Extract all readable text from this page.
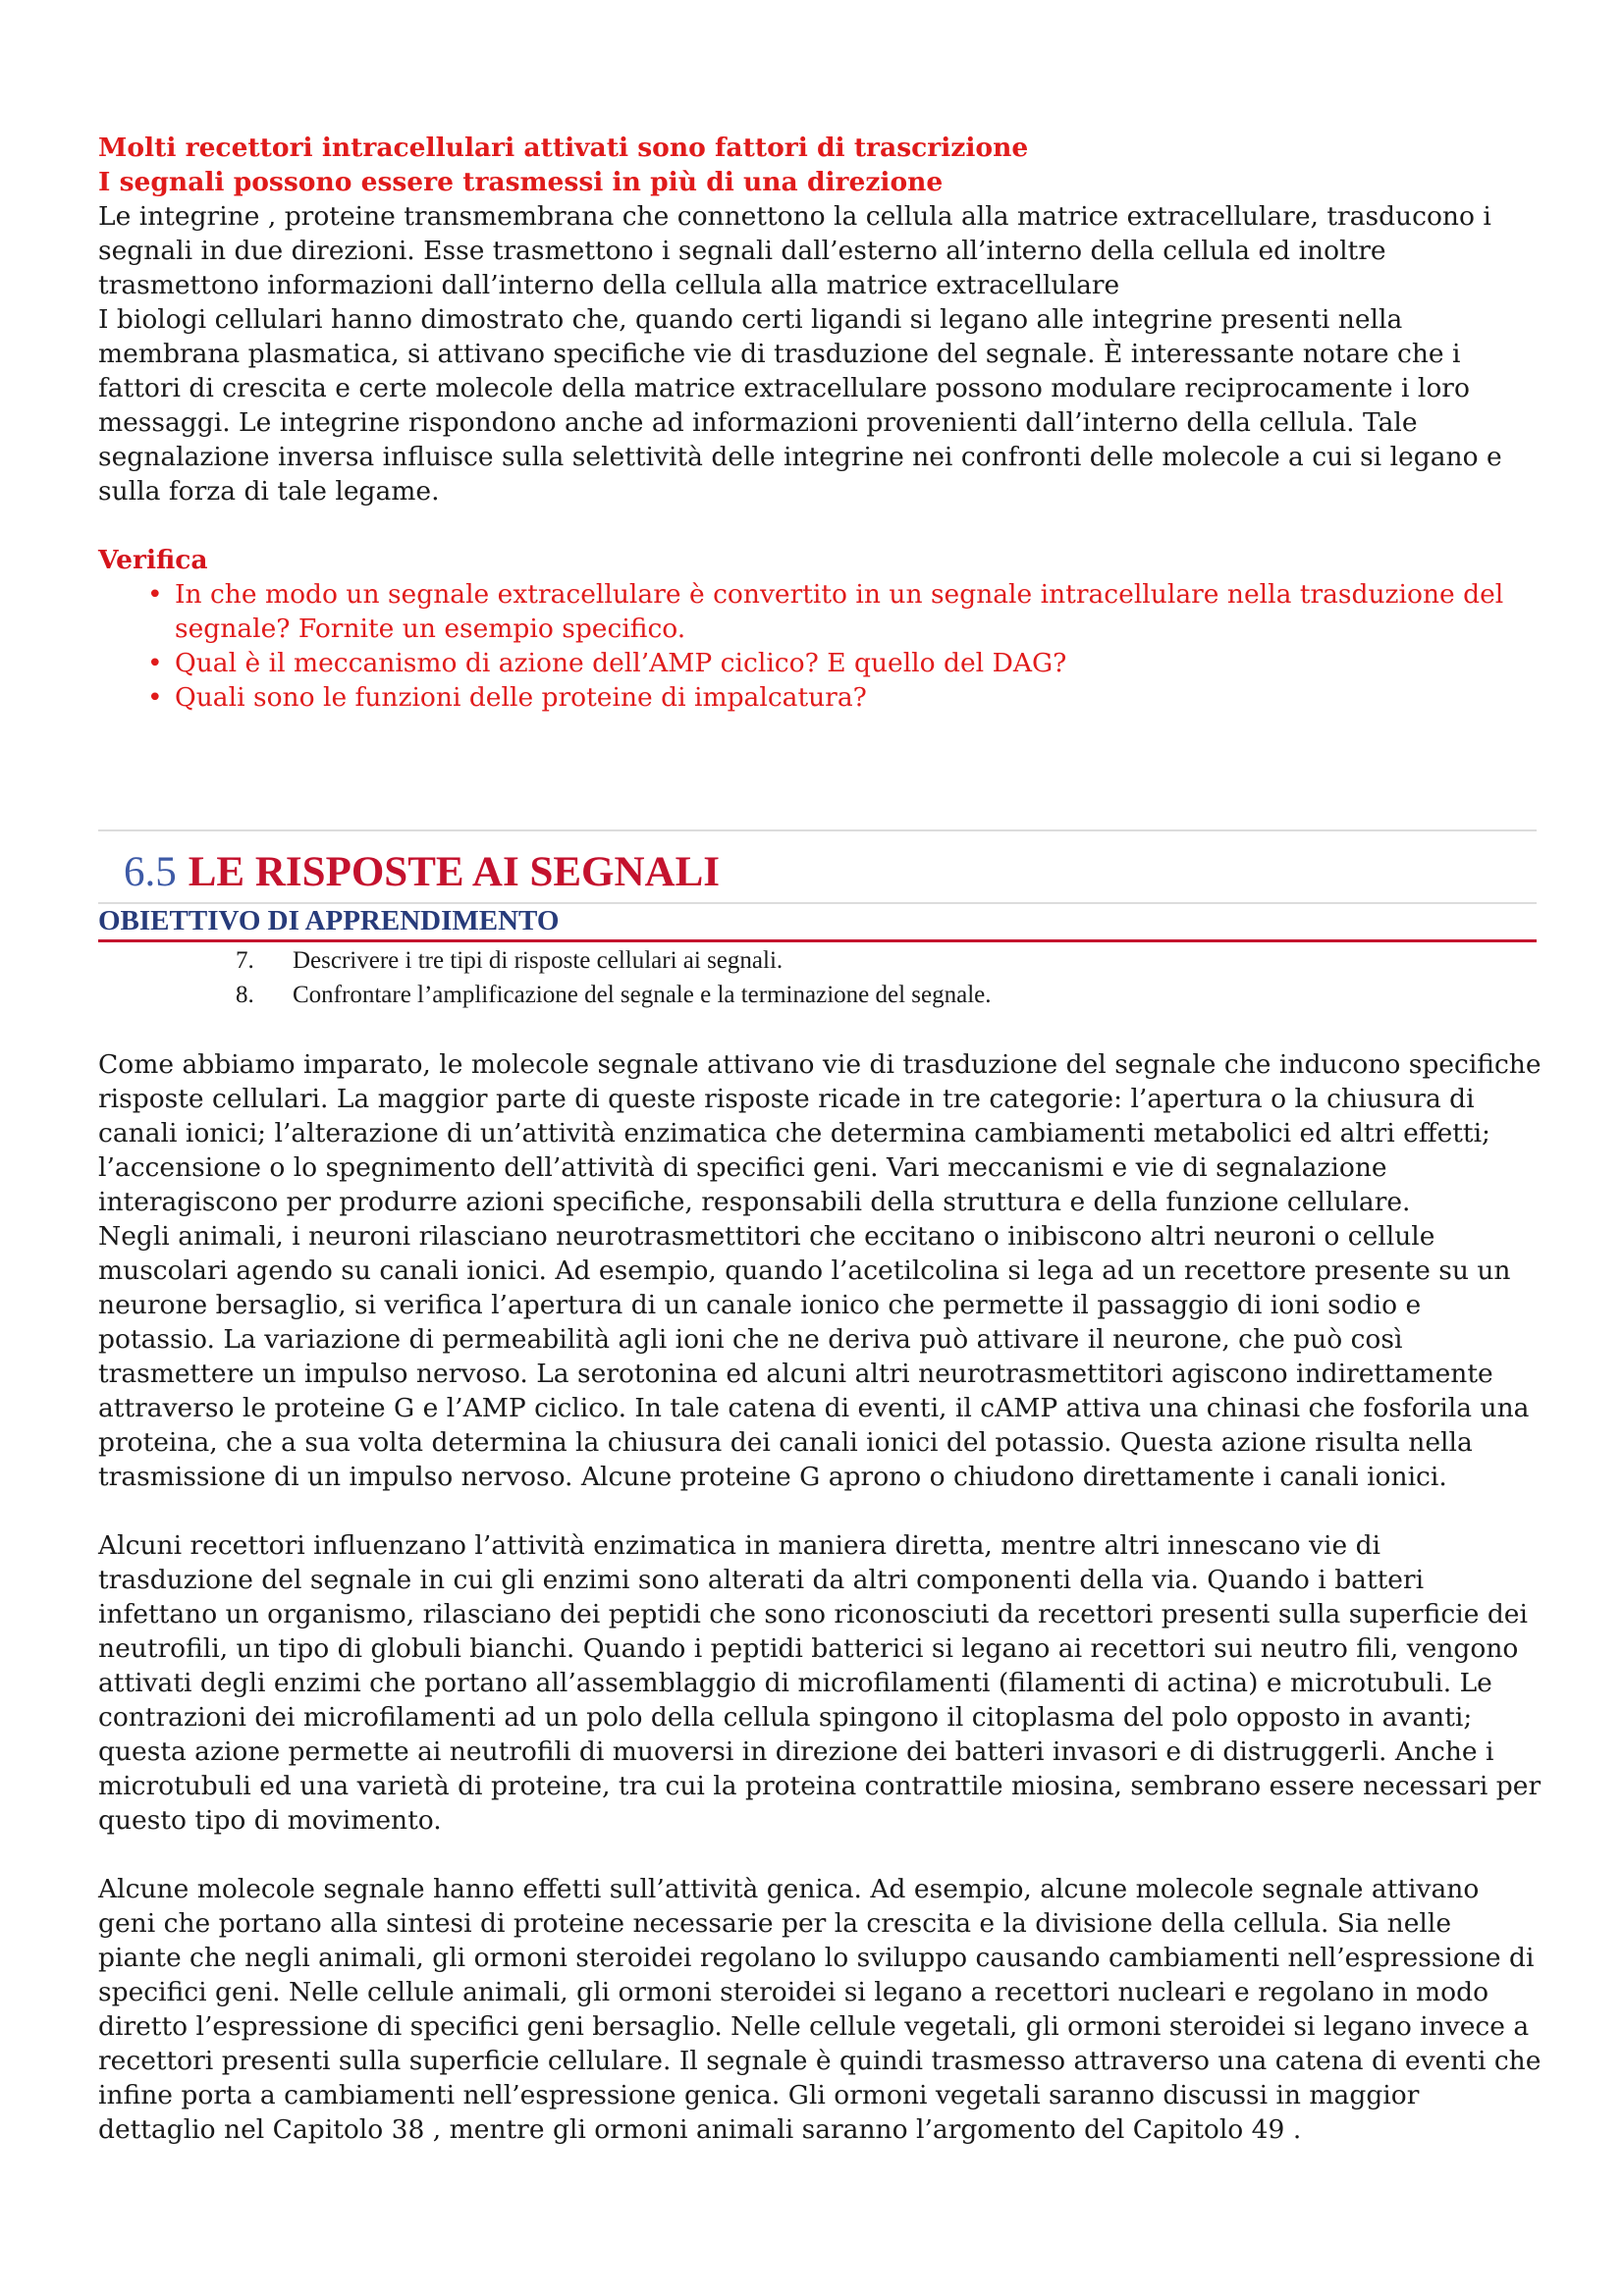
Molti recettori intracellulari attivati sono fattori di trascrizione

I segnali possono essere trasmessi in più di una direzione

Le integrine , proteine transmembrana che connettono la cellula alla matrice extracellulare, trasducono i segnali in due direzioni. Esse trasmettono i segnali dall’esterno all’interno della cellula ed inoltre trasmettono informazioni dall’interno della cellula alla matrice extracellulare

I biologi cellulari hanno dimostrato che, quando certi ligandi si legano alle integrine presenti nella membrana plasmatica, si attivano specifiche vie di trasduzione del segnale. È interessante notare che i fattori di crescita e certe molecole della matrice extracellulare possono modulare reciprocamente i loro messaggi. Le integrine rispondono anche ad informazioni provenienti dall’interno della cellula. Tale segnalazione inversa influisce sulla selettività delle integrine nei confronti delle molecole a cui si legano e sulla forza di tale legame.

Verifica

• In che modo un segnale extracellulare è convertito in un segnale intracellulare nella trasduzione del segnale? Fornite un esempio specifico.
• Qual è il meccanismo di azione dell’AMP ciclico? E quello del DAG?
• Quali sono le funzioni delle proteine di impalcatura?
6.5 LE RISPOSTE AI SEGNALI
OBIETTIVO DI APPRENDIMENTO
7. Descrivere i tre tipi di risposte cellulari ai segnali.
8. Confrontare l’amplificazione del segnale e la terminazione del segnale.

Come abbiamo imparato, le molecole segnale attivano vie di trasduzione del segnale che inducono specifiche risposte cellulari. La maggior parte di queste risposte ricade in tre categorie: l’apertura o la chiusura di canali ionici; l’alterazione di un’attività enzimatica che determina cambiamenti metabolici ed altri effetti; l’accensione o lo spegnimento dell’attività di specifici geni. Vari meccanismi e vie di segnalazione interagiscono per produrre azioni specifiche, responsabili della struttura e della funzione cellulare.

Negli animali, i neuroni rilasciano neurotrasmettitori che eccitano o inibiscono altri neuroni o cellule muscolari agendo su canali ionici. Ad esempio, quando l’acetilcolina si lega ad un recettore presente su un neurone bersaglio, si verifica l’apertura di un canale ionico che permette il passaggio di ioni sodio e potassio. La variazione di permeabilità agli ioni che ne deriva può attivare il neurone, che può così trasmettere un impulso nervoso. La serotonina ed alcuni altri neurotrasmettitori agiscono indirettamente attraverso le proteine G e l’AMP ciclico. In tale catena di eventi, il cAMP attiva una chinasi che fosforila una proteina, che a sua volta determina la chiusura dei canali ionici del potassio. Questa azione risulta nella trasmissione di un impulso nervoso. Alcune proteine G aprono o chiudono direttamente i canali ionici.

Alcuni recettori influenzano l’attività enzimatica in maniera diretta, mentre altri innescano vie di trasduzione del segnale in cui gli enzimi sono alterati da altri componenti della via. Quando i batteri infettano un organismo, rilasciano dei peptidi che sono riconosciuti da recettori presenti sulla superficie dei neutrofili, un tipo di globuli bianchi. Quando i peptidi batterici si legano ai recettori sui neutro fili, vengono attivati degli enzimi che portano all’assemblaggio di microfilamenti (filamenti di actina) e microtubuli. Le contrazioni dei microfilamenti ad un polo della cellula spingono il citoplasma del polo opposto in avanti; questa azione permette ai neutrofili di muoversi in direzione dei batteri invasori e di distruggerli. Anche i microtubuli ed una varietà di proteine, tra cui la proteina contrattile miosina, sembrano essere necessari per questo tipo di movimento.

Alcune molecole segnale hanno effetti sull’attività genica. Ad esempio, alcune molecole segnale attivano geni che portano alla sintesi di proteine necessarie per la crescita e la divisione della cellula. Sia nelle piante che negli animali, gli ormoni steroidei regolano lo sviluppo causando cambiamenti nell’espressione di specifici geni. Nelle cellule animali, gli ormoni steroidei si legano a recettori nucleari e regolano in modo diretto l’espressione di specifici geni bersaglio. Nelle cellule vegetali, gli ormoni steroidei si legano invece a recettori presenti sulla superficie cellulare. Il segnale è quindi trasmesso attraverso una catena di eventi che infine porta a cambiamenti nell’espressione genica. Gli ormoni vegetali saranno discussi in maggior dettaglio nel Capitolo 38 , mentre gli ormoni animali saranno l’argomento del Capitolo 49 .
